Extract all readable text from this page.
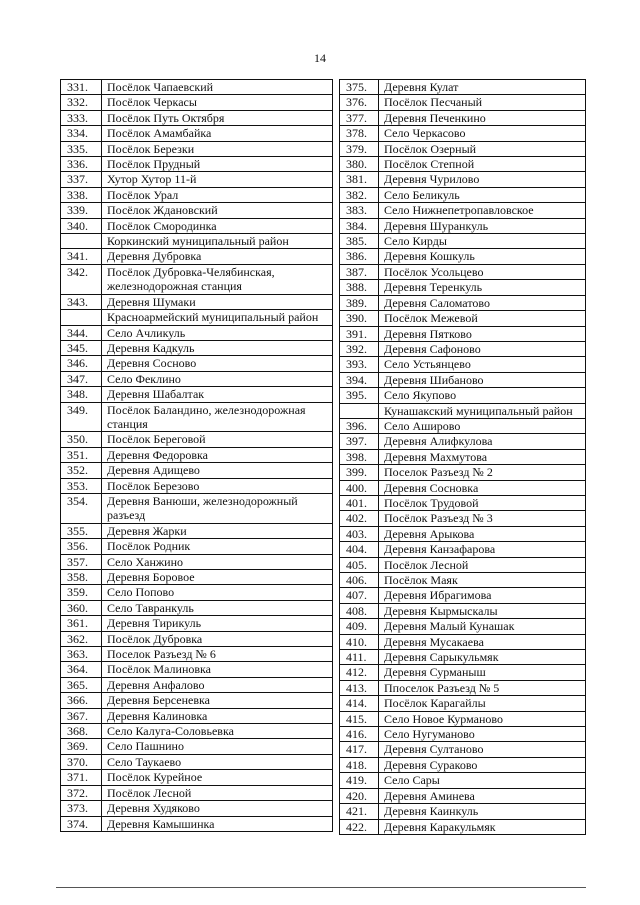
14
331.	Посёлок Чапаевский
332.	Посёлок Черкасы
333.	Посёлок Путь Октября
334.	Посёлок Амамбайка
335.	Посёлок Березки
336.	Посёлок Прудный
337.	Хутор Хутор 11-й
338.	Посёлок Урал
339.	Посёлок Ждановский
340.	Посёлок Смородинка
	Коркинский муниципальный район
341.	Деревня Дубровка
342.	Посёлок Дубровка-Челябинская, железнодорожная станция
343.	Деревня Шумаки
	Красноармейский муниципальный район
344.	Село Ачликуль
345.	Деревня Кадкуль
346.	Деревня Сосново
347.	Село Феклино
348.	Деревня Шабалтак
349.	Посёлок Баландино, железнодорожная станция
350.	Посёлок Береговой
351.	Деревня Федоровка
352.	Деревня Адищево
353.	Посёлок Березово
354.	Деревня Ванюши, железнодорожный разъезд
355.	Деревня Жарки
356.	Посёлок Родник
357.	Село Ханжино
358.	Деревня Боровое
359.	Село Попово
360.	Село Тавранкуль
361.	Деревня Тирикуль
362.	Посёлок Дубровка
363.	Поселок Разъезд № 6
364.	Посёлок Малиновка
365.	Деревня Анфалово
366.	Деревня Берсеневка
367.	Деревня Калиновка
368.	Село Калуга-Соловьевка
369.	Село Пашнино
370.	Село Таукаево
371.	Посёлок Курейное
372.	Посёлок Лесной
373.	Деревня Худяково
374.	Деревня Камышинка
375.	Деревня Кулат
376.	Посёлок Песчаный
377.	Деревня Печенкино
378.	Село Черкасово
379.	Посёлок Озерный
380.	Посёлок Степной
381.	Деревня Чурилово
382.	Село Беликуль
383.	Село Нижнепетропавловское
384.	Деревня Шуранкуль
385.	Село Кирды
386.	Деревня Кошкуль
387.	Посёлок Усольцево
388.	Деревня Теренкуль
389.	Деревня Саломатово
390.	Посёлок Межевой
391.	Деревня Пятково
392.	Деревня Сафоново
393.	Село Устьянцево
394.	Деревня Шибаново
395.	Село Якупово
	Кунашакский муниципальный район
396.	Село Аширово
397.	Деревня Алифкулова
398.	Деревня Махмутова
399.	Поселок Разъезд № 2
400.	Деревня Сосновка
401.	Посёлок Трудовой
402.	Посёлок Разъезд № 3
403.	Деревня Арыкова
404.	Деревня Канзафарова
405.	Посёлок Лесной
406.	Посёлок Маяк
407.	Деревня Ибрагимова
408.	Деревня Кырмыскалы
409.	Деревня Малый Кунашак
410.	Деревня Мусакаева
411.	Деревня Сарыкульмяк
412.	Деревня Сурманыш
413.	Ппоселок Разъезд № 5
414.	Посёлок Карагайлы
415.	Село Новое Курманово
416.	Село Нугуманово
417.	Деревня Султаново
418.	Деревня Сураково
419.	Село Сары
420.	Деревня Аминева
421.	Деревня Каинкуль
422.	Деревня Каракульмяк
